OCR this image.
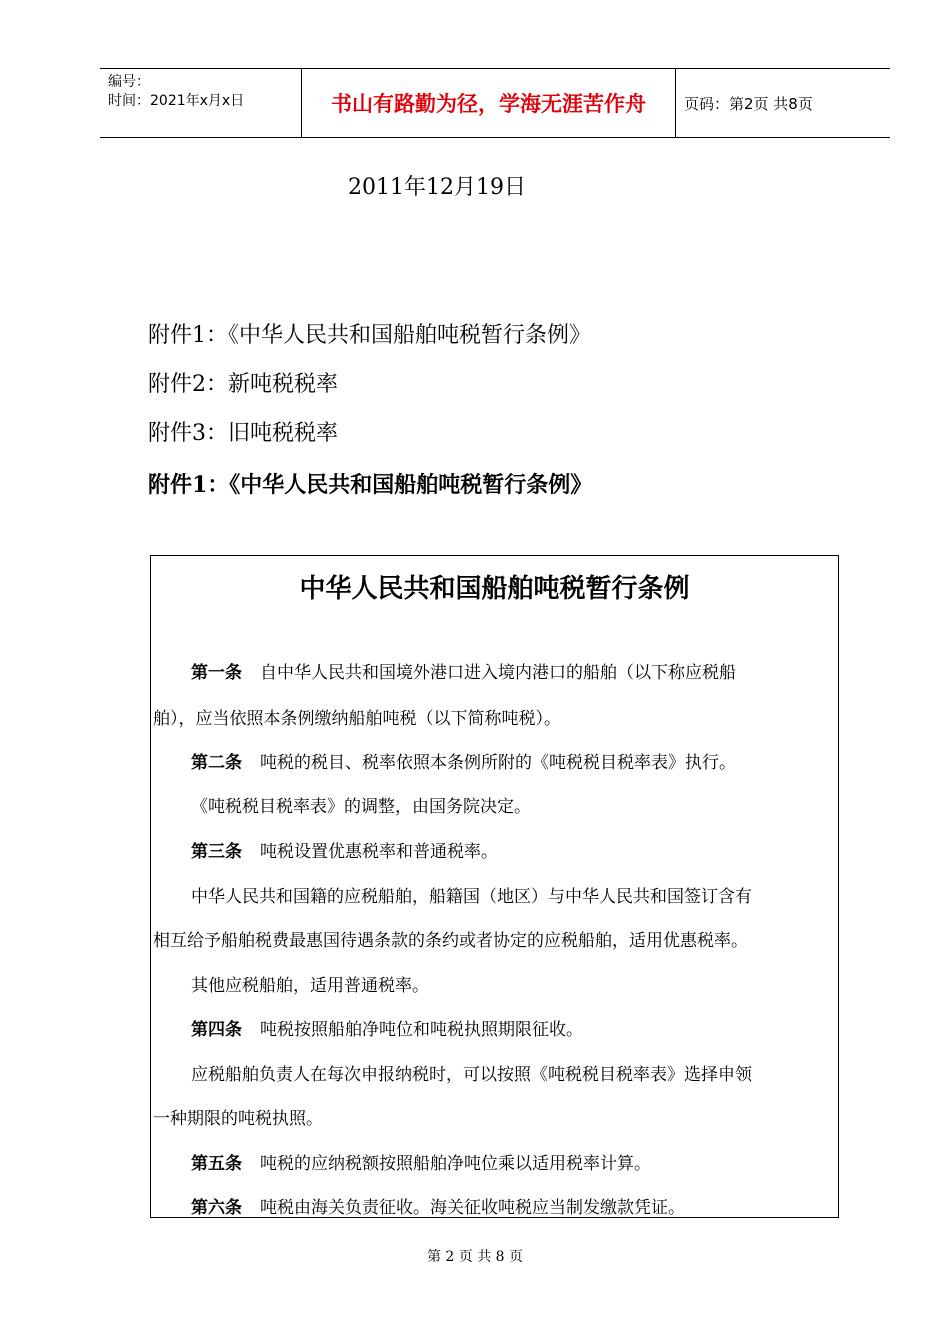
编号：
时间：2021年x月x日	书山有路勤为径，学海无涯苦作舟	页码：第2页 共8页
2011年12月19日
附件1：《中华人民共和国船舶吨税暂行条例》
附件2：新吨税税率
附件3：旧吨税税率
附件1：《中华人民共和国船舶吨税暂行条例》
中华人民共和国船舶吨税暂行条例
第一条 自中华人民共和国境外港口进入境内港口的船舶（以下称应税船
舶），应当依照本条例缴纳船舶吨税（以下简称吨税）。
第二条 吨税的税目、税率依照本条例所附的《吨税税目税率表》执行。
《吨税税目税率表》的调整，由国务院决定。
第三条 吨税设置优惠税率和普通税率。
中华人民共和国籍的应税船舶，船籍国（地区）与中华人民共和国签订含有
相互给予船舶税费最惠国待遇条款的条约或者协定的应税船舶，适用优惠税率。
其他应税船舶，适用普通税率。
第四条 吨税按照船舶净吨位和吨税执照期限征收。
应税船舶负责人在每次申报纳税时，可以按照《吨税税目税率表》选择申领
一种期限的吨税执照。
第五条 吨税的应纳税额按照船舶净吨位乘以适用税率计算。
第六条 吨税由海关负责征收。海关征收吨税应当制发缴款凭证。
第 2 页 共 8 页
